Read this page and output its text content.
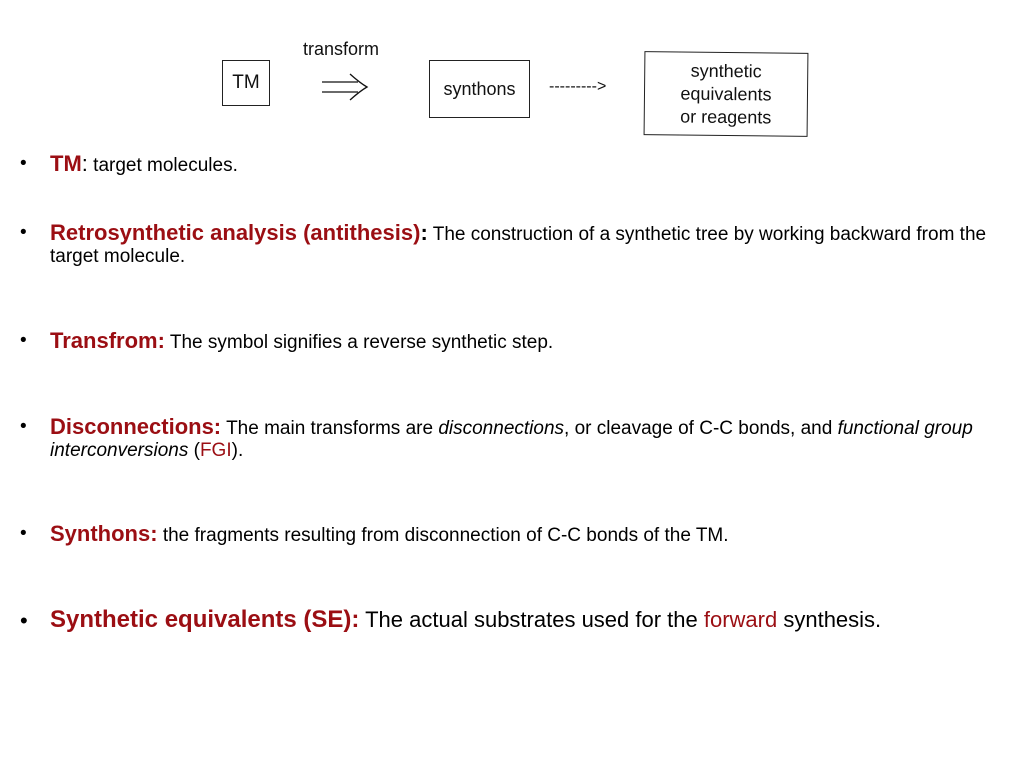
TM
transform
synthons --------->
synthetic
equivalents
or reagents
• TM: target molecules.
• Retrosynthetic analysis (antithesis): The construction of a synthetic tree by working backward from the target molecule.
• Transfrom: The symbol signifies a reverse synthetic step.
• Disconnections: The main transforms are disconnections, or cleavage of C-C bonds, and functional group interconversions (FGI).
• Synthons: the fragments resulting from disconnection of C-C bonds of the TM.
• Synthetic equivalents (SE): The actual substrates used for the forward synthesis.
